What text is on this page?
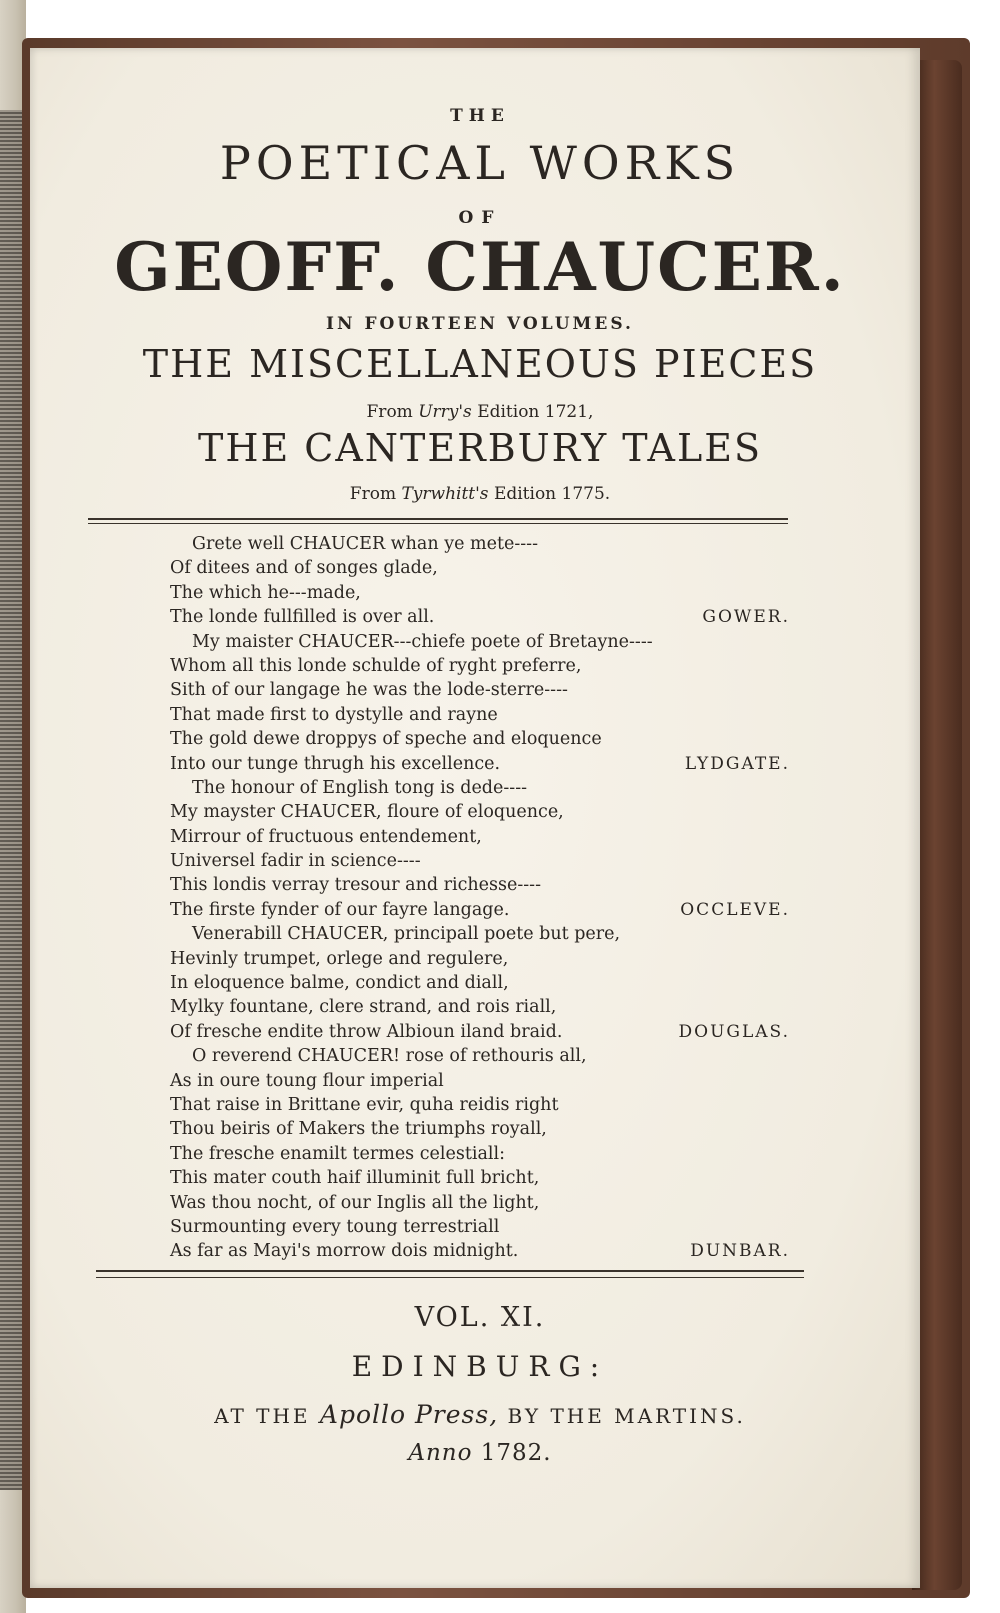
THE
POETICAL WORKS
OF
GEOFF. CHAUCER.
IN FOURTEEN VOLUMES.
THE MISCELLANEOUS PIECES
From Urry's Edition 1721,
THE CANTERBURY TALES
From Tyrwhitt's Edition 1775.
Grete well CHAUCER whan ye mete----
Of ditees and of songes glade,
The which he---made,
The londe fullfilled is over all.	GOWER.
My maister CHAUCER---chiefe poete of Bretayne----
Whom all this londe schulde of ryght preferre,
Sith of our langage he was the lode-sterre----
That made first to dystylle and rayne
The gold dewe droppys of speche and eloquence
Into our tunge thrugh his excellence.	LYDGATE.
The honour of English tong is dede----
My mayster CHAUCER, floure of eloquence,
Mirrour of fructuous entendement,
Universel fadir in science----
This londis verray tresour and richesse----
The firste fynder of our fayre langage.	OCCLEVE.
Venerabill CHAUCER, principall poete but pere,
Hevinly trumpet, orlege and regulere,
In eloquence balme, condict and diall,
Mylky fountane, clere strand, and rois riall,
Of fresche endite throw Albioun iland braid.	DOUGLAS.
O reverend CHAUCER! rose of rethouris all,
As in oure toung flour imperial
That raise in Brittane evir, quha reidis right
Thou beiris of Makers the triumphs royall,
The fresche enamilt termes celestiall:
This mater couth haif illuminit full bricht,
Was thou nocht, of our Inglis all the light,
Surmounting every toung terrestriall
As far as Mayi's morrow dois midnight.	DUNBAR.
VOL. XI.
EDINBURG:
AT THE Apollo Press, BY THE MARTINS.
Anno 1782.
